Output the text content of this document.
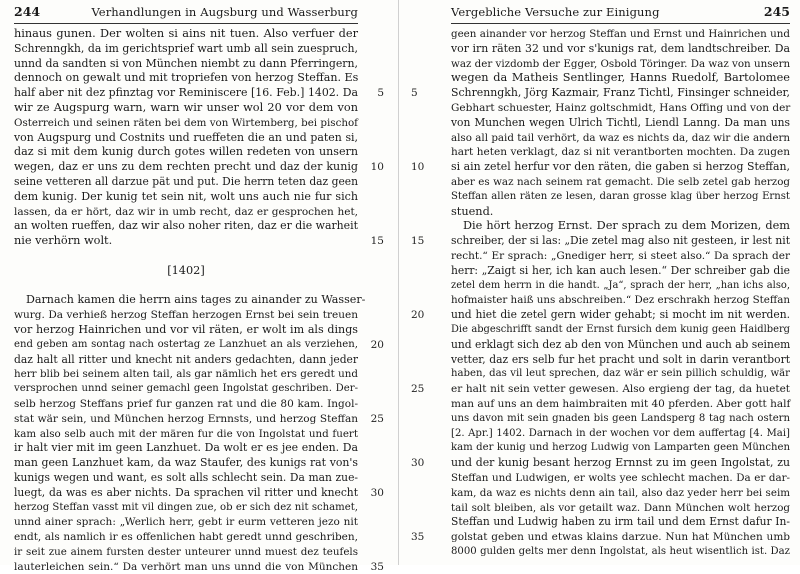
244	Verhandlungen in Augsburg und Wasserburg
hinaus gunen. Der wolten si ains nit tuen. Also verfuer der
Schrenngkh, da im gerichtsprief wart umb all sein zuespruch,
unnd da sandten si von München niembt zu dann Pferringern,
dennoch on gewalt und mit tropriefen von herzog Steffan. Es
half aber nit dez pfinztag vor Reminiscere [16. Feb.] 1402. Da 5
wir ze Augspurg warn, warn wir unser wol 20 vor dem von
Osterreich und seinen räten bei dem von Wirtemberg, bei pischof
von Augspurg und Costnits und rueffeten die an und paten si,
daz si mit dem kunig durch gotes willen redeten von unsern
wegen, daz er uns zu dem rechten precht und daz der kunig 10
seine vetteren all darzue pät und put. Die herrn teten daz geen
dem kunig. Der kunig tet sein nit, wolt uns auch nie fur sich
lassen, da er hört, daz wir in umb recht, daz er gesprochen het,
an wolten rueffen, daz wir also noher riten, daz er die warheit
nie verhörn wolt.	15
[1402]
Darnach kamen die herrn ains tages zu ainander zu Wasser-
wurg. Da verhieß herzog Steffan herzogen Ernst bei sein treuen
vor herzog Hainrichen und vor vil räten, er wolt im als dings
end geben am sontag nach ostertag ze Lanzhuet an als verziehen, 20
daz halt all ritter und knecht nit anders gedachten, dann jeder
herr blib bei seinem alten tail, als gar nämlich het ers geredt und
versprochen unnd seiner gemachl geen Ingolstat geschriben. Der-
selb herzog Steffans prief fur ganzen rat und die 80 kam. Ingol-
stat wär sein, und München herzog Ernnsts, und herzog Steffan 25
kam also selb auch mit der mären fur die von Ingolstat und fuert
ir halt vier mit im geen Lanzhuet. Da wolt er es jee enden. Da
man geen Lanzhuet kam, da waz Staufer, des kunigs rat von's
kunigs wegen und want, es solt alls schlecht sein. Da man zue-
luegt, da was es aber nichts. Da sprachen vil ritter und knecht 30
herzog Steffan vasst mit vil dingen zue, ob er sich dez nit schamet,
unnd ainer sprach: „Werlich herr, gebt ir eurm vetteren jezo nit
endt, als namlich ir es offenlichen habt geredt unnd geschriben,
ir seit zue ainem fursten dester unteurer unnd muest dez teufels
lauterleichen sein.“ Da verhört man uns unnd die von München 35
Vergebliche Versuche zur Einigung	245
geen ainander vor herzog Steffan und Ernst und Hainrichen und
vor irn räten 32 und vor s'kunigs rat, dem landtschreiber. Da
waz der vizdomb der Egger, Osbold Töringer. Da waz von unsern
wegen da Matheis Sentlinger, Hanns Ruedolf, Bartolomee
Schrenngkh, Jörg Kazmair, Franz Tichtl, Finsinger schneider,
5
Gebhart schuester, Hainz goltschmidt, Hans Offing und von der
von Munchen wegen Ulrich Tichtl, Liendl Lanng. Da man uns
also all paid tail verhört, da waz es nichts da, daz wir die andern
hart heten verklagt, daz si nit verantborten mochten. Da zugen
si ain zetel herfur vor den räten, die gaben si herzog Steffan,
10
aber es waz nach seinem rat gemacht. Die selb zetel gab herzog
Steffan allen räten ze lesen, daran grosse klag über herzog Ernst
stuend.
Die hört herzog Ernst. Der sprach zu dem Morizen, dem
schreiber, der si las: „Die zetel mag also nit gesteen, ir lest nit
15
recht.“ Er sprach: „Gnediger herr, si steet also.“ Da sprach der
herr: „Zaigt si her, ich kan auch lesen.“ Der schreiber gab die
zetel dem herrn in die handt. „Ja“, sprach der herr, „han ichs also,
hofmaister haiß uns abschreiben.“ Dez erschrakh herzog Steffan
und hiet die zetel gern wider gehabt; si mocht im nit werden.
20
Die abgeschrifft sandt der Ernst fursich dem kunig geen Haidlberg
und erklagt sich dez ab den von München und auch ab seinem
vetter, daz ers selb fur het pracht und solt in darin verantbort
haben, das vil leut sprechen, daz wär er sein pillich schuldig, wär
er halt nit sein vetter gewesen. Also ergieng der tag, da huetet
25
man auf uns an dem haimbraiten mit 40 pferden. Aber gott half
uns davon mit sein gnaden bis geen Landsperg 8 tag nach ostern
[2. Apr.] 1402. Darnach in der wochen vor dem auffertag [4. Mai]
kam der kunig und herzog Ludwig von Lamparten geen München
und der kunig besant herzog Ernnst zu im geen Ingolstat, zu
30
Steffan und Ludwigen, er wolts yee schlecht machen. Da er dar-
kam, da waz es nichts denn ain tail, also daz yeder herr bei seim
tail solt bleiben, als vor getailt waz. Dann München wolt herzog
Steffan und Ludwig haben zu irm tail und dem Ernst dafur In-
golstat geben und etwas klains darzue. Nun hat München umb
35
8000 gulden gelts mer denn Ingolstat, als heut wisentlich ist. Daz
